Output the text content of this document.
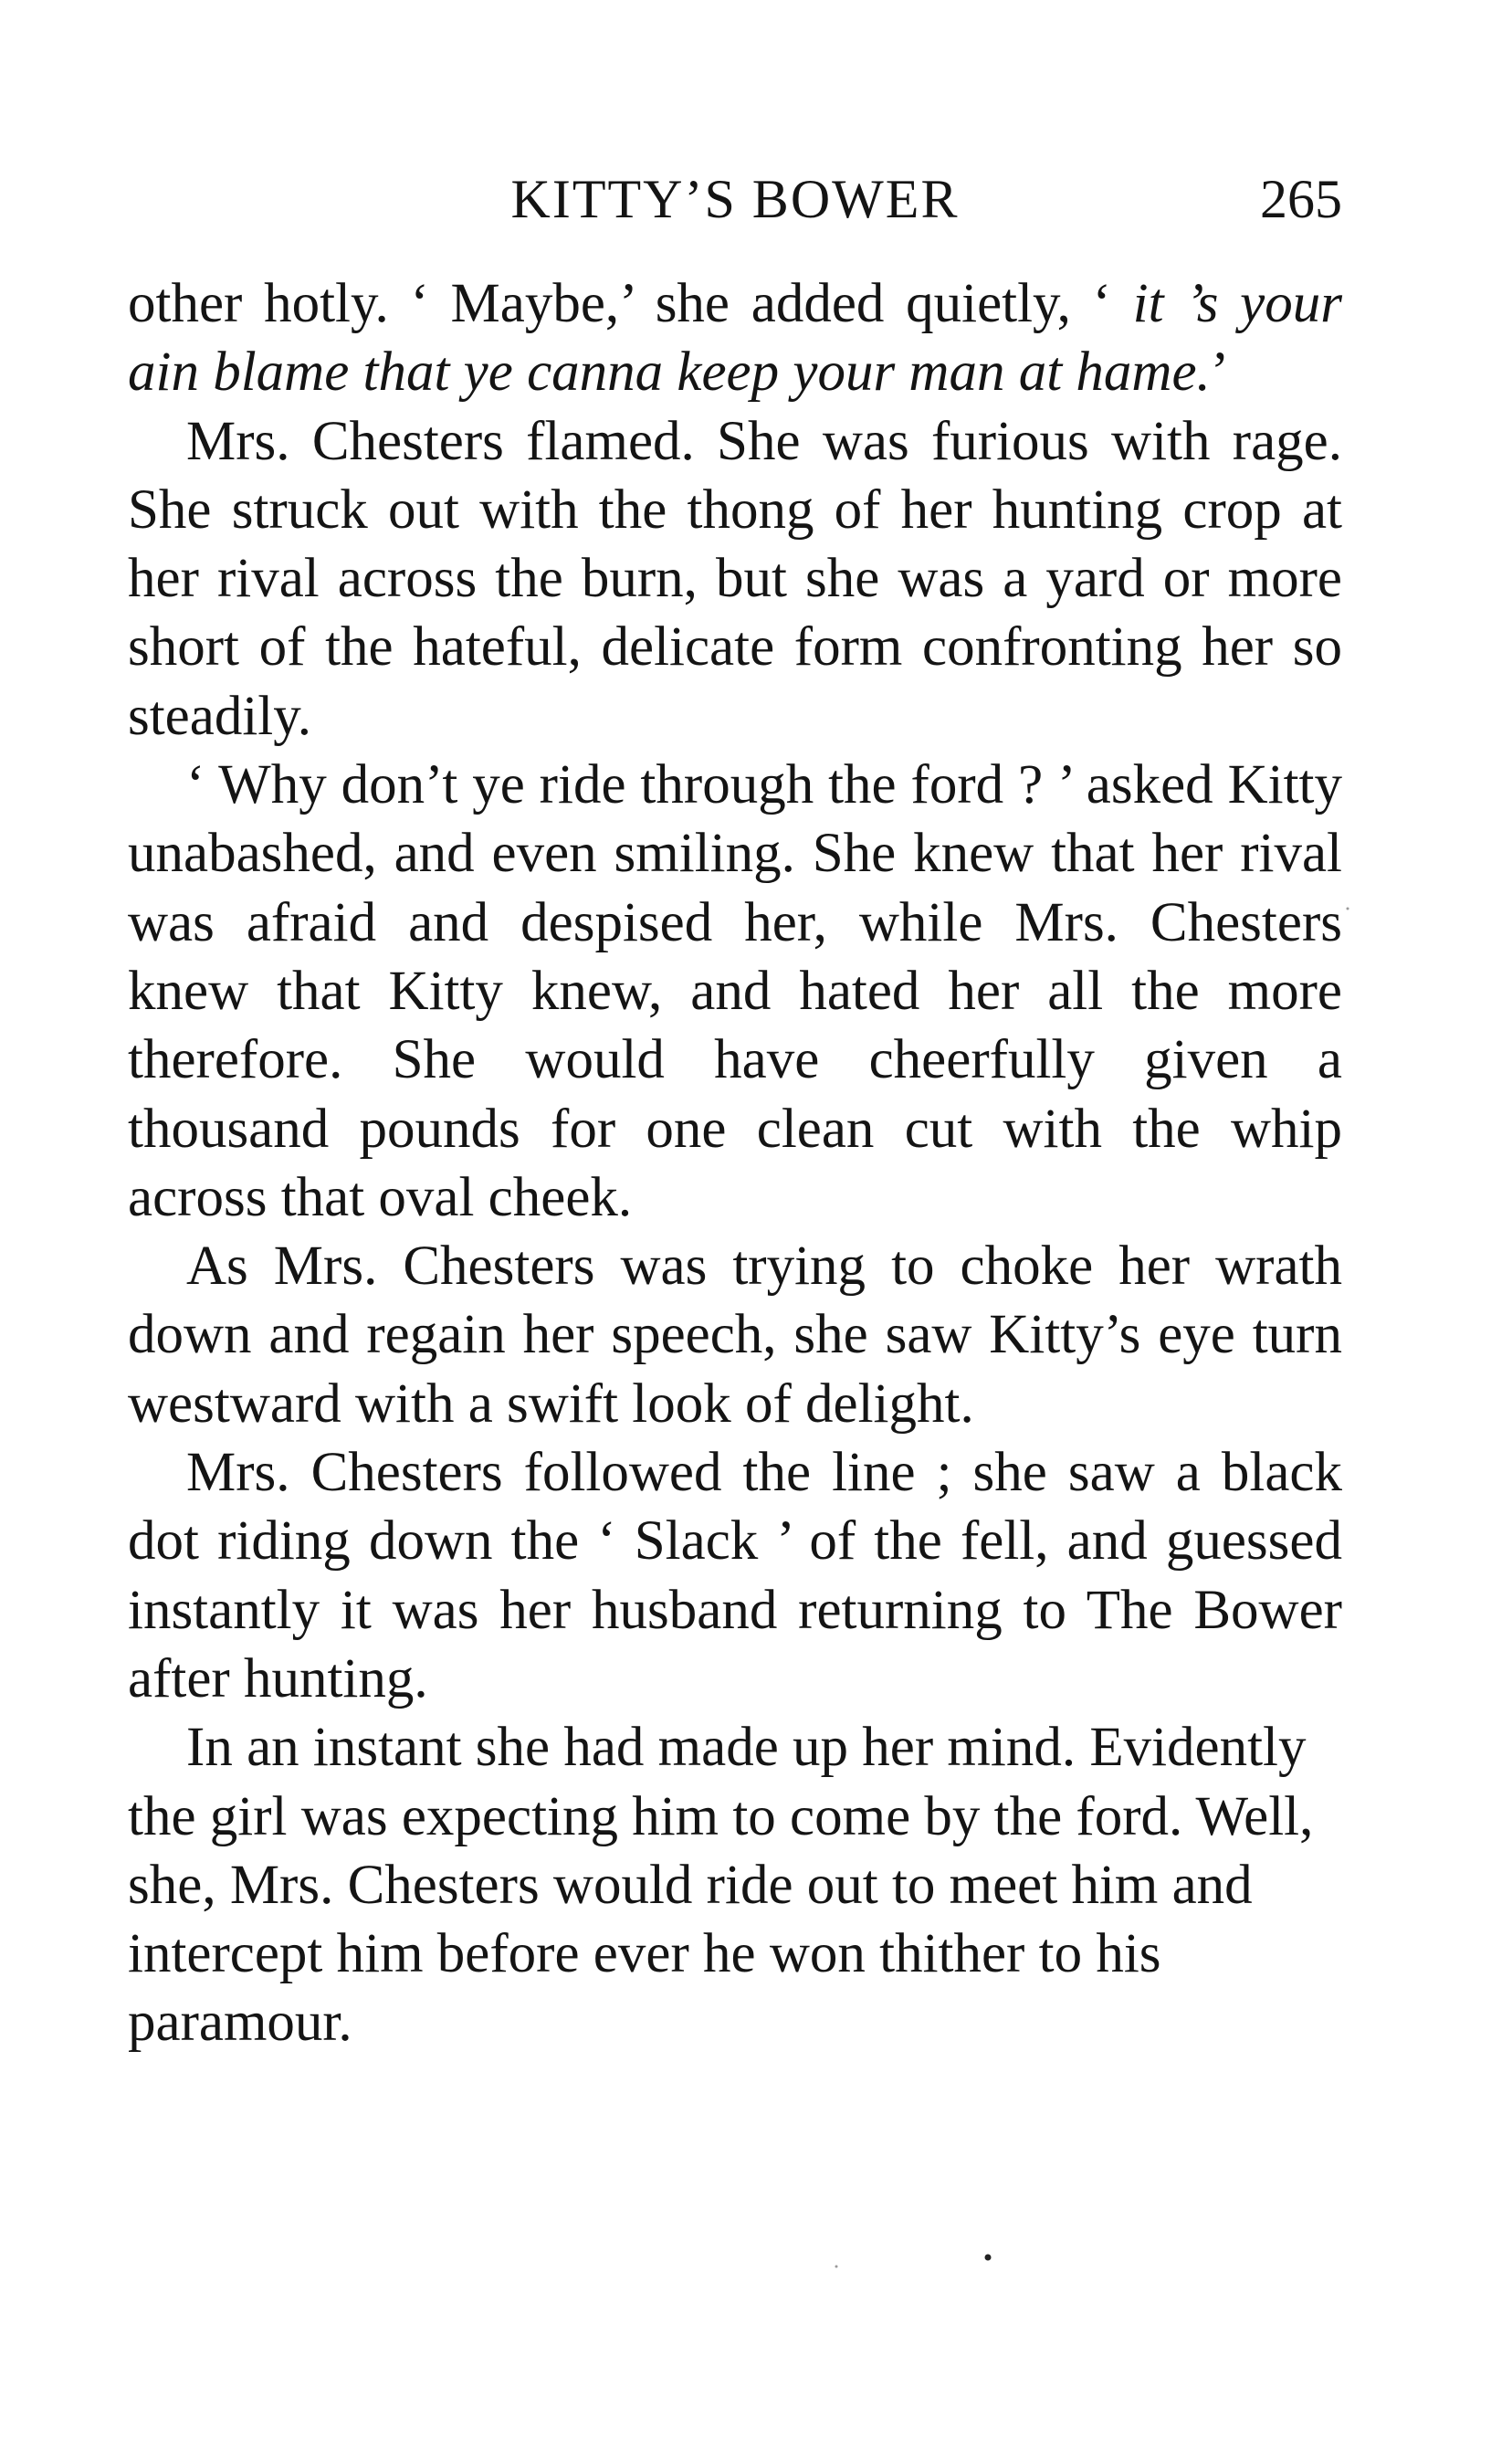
KITTY’S BOWER	265

other hotly. ‘ Maybe,’ she added quietly, ‘ it ’s your ain blame that ye canna keep your man at hame.’

Mrs. Chesters flamed. She was furious with rage. She struck out with the thong of her hunting crop at her rival across the burn, but she was a yard or more short of the hateful, delicate form confronting her so steadily.

‘ Why don’t ye ride through the ford ? ’ asked Kitty unabashed, and even smiling. She knew that her rival was afraid and despised her, while Mrs. Chesters knew that Kitty knew, and hated her all the more therefore. She would have cheerfully given a thousand pounds for one clean cut with the whip across that oval cheek.

As Mrs. Chesters was trying to choke her wrath down and regain her speech, she saw Kitty’s eye turn westward with a swift look of delight.

Mrs. Chesters followed the line ; she saw a black dot riding down the ‘ Slack ’ of the fell, and guessed instantly it was her husband returning to The Bower after hunting.

In an instant she had made up her mind. Evidently the girl was expecting him to come by the ford. Well, she, Mrs. Chesters would ride out to meet him and intercept him before ever he won thither to his paramour.
